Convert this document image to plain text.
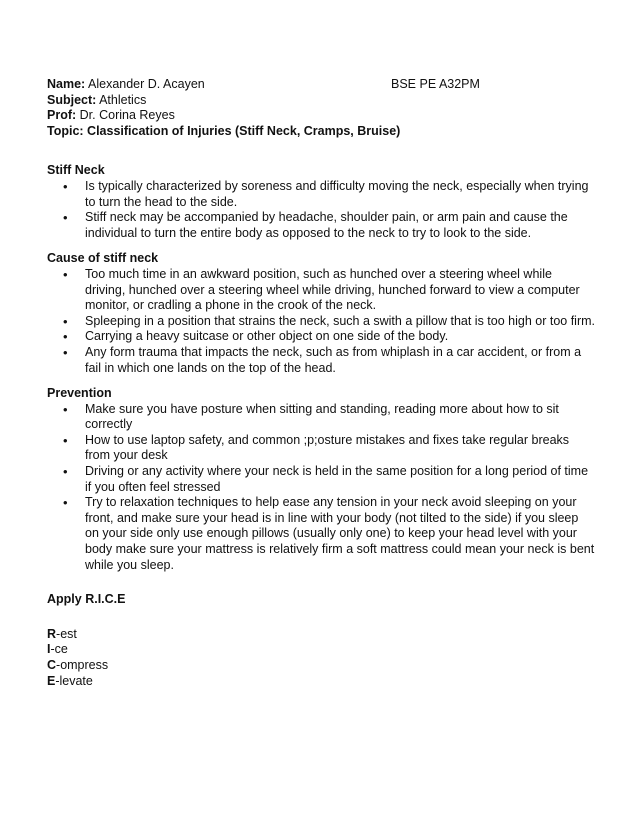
Name: Alexander D. Acayen	BSE PE A32PM
Subject: Athletics
Prof: Dr. Corina Reyes
Topic: Classification of Injuries (Stiff Neck, Cramps, Bruise)
Stiff Neck
• Is typically characterized by soreness and difficulty moving the neck, especially when trying to turn the head to the side.
• Stiff neck may be accompanied by headache, shoulder pain, or arm pain and cause the individual to turn the entire body as opposed to the neck to try to look to the side.
Cause of stiff neck
• Too much time in an awkward position, such as hunched over a steering wheel while driving, hunched over a steering wheel while driving, hunched forward to view a computer monitor, or cradling a phone in the crook of the neck.
• Spleeping in a position that strains the neck, such a swith a pillow that is too high or too firm.
• Carrying a heavy suitcase or other object on one side of the body.
• Any form trauma that impacts the neck, such as from whiplash in a car accident, or from a fail in which one lands on the top of the head.
Prevention
• Make sure you have posture when sitting and standing, reading more about how to sit correctly
• How to use laptop safety, and common ;p;osture mistakes and fixes take regular breaks from your desk
• Driving or any activity where your neck is held in the same position for a long period of time if you often feel stressed
• Try to relaxation techniques to help ease any tension in your neck avoid sleeping on your front, and make sure your head is in line with your body (not tilted to the side) if you sleep on your side only use enough pillows (usually only one) to keep your head level with your body make sure your mattress is relatively firm a soft mattress could mean your neck is bent while you sleep.
Apply R.I.C.E
R-est
I-ce
C-ompress
E-levate
